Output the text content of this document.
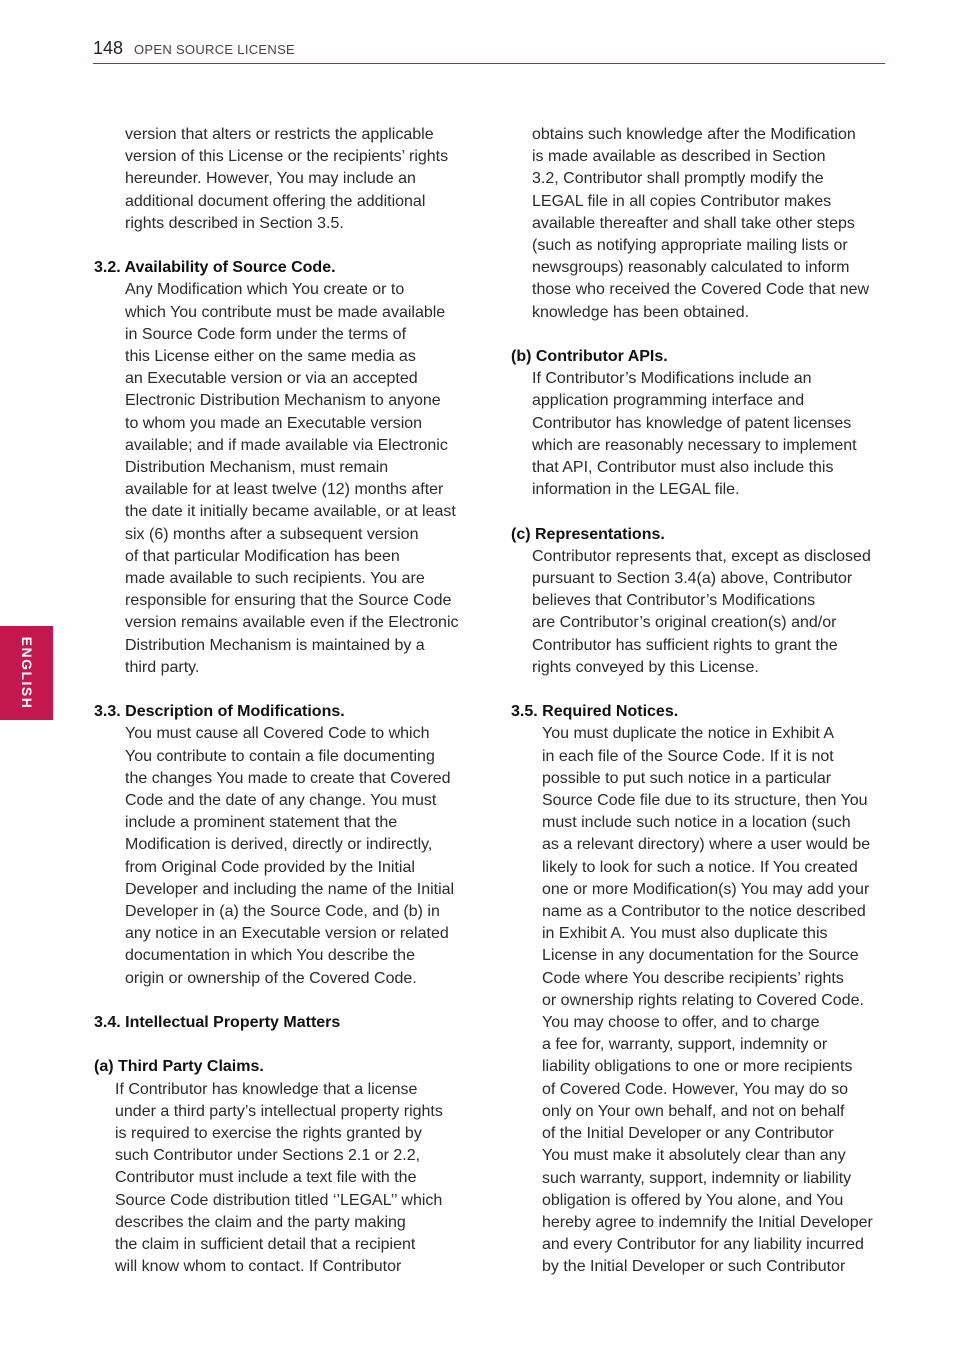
148 OPEN SOURCE LICENSE
ENGLISH

version that alters or restricts the applicable
version of this License or the recipients’ rights
hereunder. However, You may include an
additional document offering the additional
rights described in Section 3.5.

3.2. Availability of Source Code.

Any Modification which You create or to
which You contribute must be made available
in Source Code form under the terms of
this License either on the same media as
an Executable version or via an accepted
Electronic Distribution Mechanism to anyone
to whom you made an Executable version
available; and if made available via Electronic
Distribution Mechanism, must remain
available for at least twelve (12) months after
the date it initially became available, or at least
six (6) months after a subsequent version
of that particular Modification has been
made available to such recipients. You are
responsible for ensuring that the Source Code
version remains available even if the Electronic
Distribution Mechanism is maintained by a
third party.

3.3. Description of Modifications.

You must cause all Covered Code to which
You contribute to contain a file documenting
the changes You made to create that Covered
Code and the date of any change. You must
include a prominent statement that the
Modification is derived, directly or indirectly,
from Original Code provided by the Initial
Developer and including the name of the Initial
Developer in (a) the Source Code, and (b) in
any notice in an Executable version or related
documentation in which You describe the
origin or ownership of the Covered Code.

3.4. Intellectual Property Matters

(a) Third Party Claims.

If Contributor has knowledge that a license
under a third party’s intellectual property rights
is required to exercise the rights granted by
such Contributor under Sections 2.1 or 2.2,
Contributor must include a text file with the
Source Code distribution titled ‘’LEGAL’’ which
describes the claim and the party making
the claim in sufficient detail that a recipient
will know whom to contact. If Contributor

obtains such knowledge after the Modification
is made available as described in Section
3.2, Contributor shall promptly modify the
LEGAL file in all copies Contributor makes
available thereafter and shall take other steps
(such as notifying appropriate mailing lists or
newsgroups) reasonably calculated to inform
those who received the Covered Code that new
knowledge has been obtained.

(b) Contributor APIs.

If Contributor’s Modifications include an
application programming interface and
Contributor has knowledge of patent licenses
which are reasonably necessary to implement
that API, Contributor must also include this
information in the LEGAL file.

(c) Representations.

Contributor represents that, except as disclosed
pursuant to Section 3.4(a) above, Contributor
believes that Contributor’s Modifications
are Contributor’s original creation(s) and/or
Contributor has sufficient rights to grant the
rights conveyed by this License.

3.5. Required Notices.

You must duplicate the notice in Exhibit A
in each file of the Source Code. If it is not
possible to put such notice in a particular
Source Code file due to its structure, then You
must include such notice in a location (such
as a relevant directory) where a user would be
likely to look for such a notice. If You created
one or more Modification(s) You may add your
name as a Contributor to the notice described
in Exhibit A. You must also duplicate this
License in any documentation for the Source
Code where You describe recipients’ rights
or ownership rights relating to Covered Code.
You may choose to offer, and to charge
a fee for, warranty, support, indemnity or
liability obligations to one or more recipients
of Covered Code. However, You may do so
only on Your own behalf, and not on behalf
of the Initial Developer or any Contributor
You must make it absolutely clear than any
such warranty, support, indemnity or liability
obligation is offered by You alone, and You
hereby agree to indemnify the Initial Developer
and every Contributor for any liability incurred
by the Initial Developer or such Contributor
